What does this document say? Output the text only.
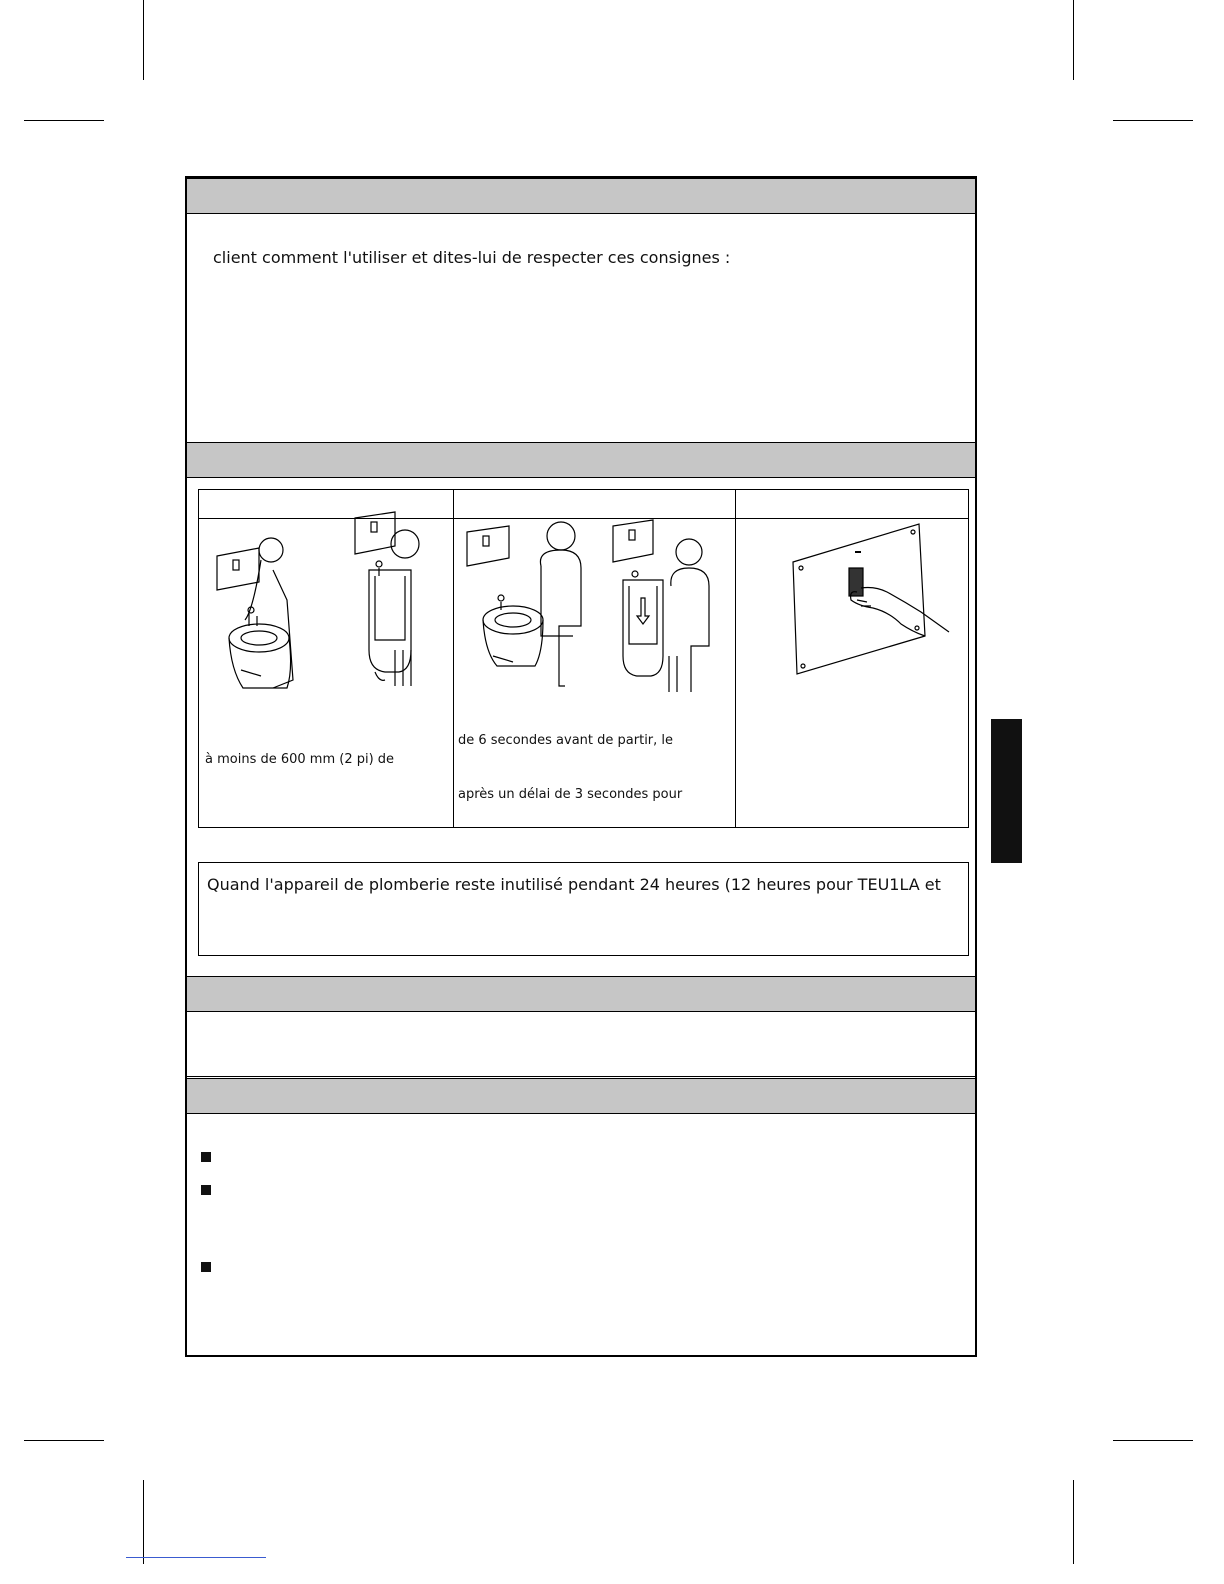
client comment l'utiliser et dites-lui de respecter ces consignes :
à moins de 600 mm (2 pi) de
de 6 secondes avant de partir, le
après un délai de 3 secondes pour
Quand l'appareil de plomberie reste inutilisé pendant 24 heures (12 heures pour TEU1LA et
